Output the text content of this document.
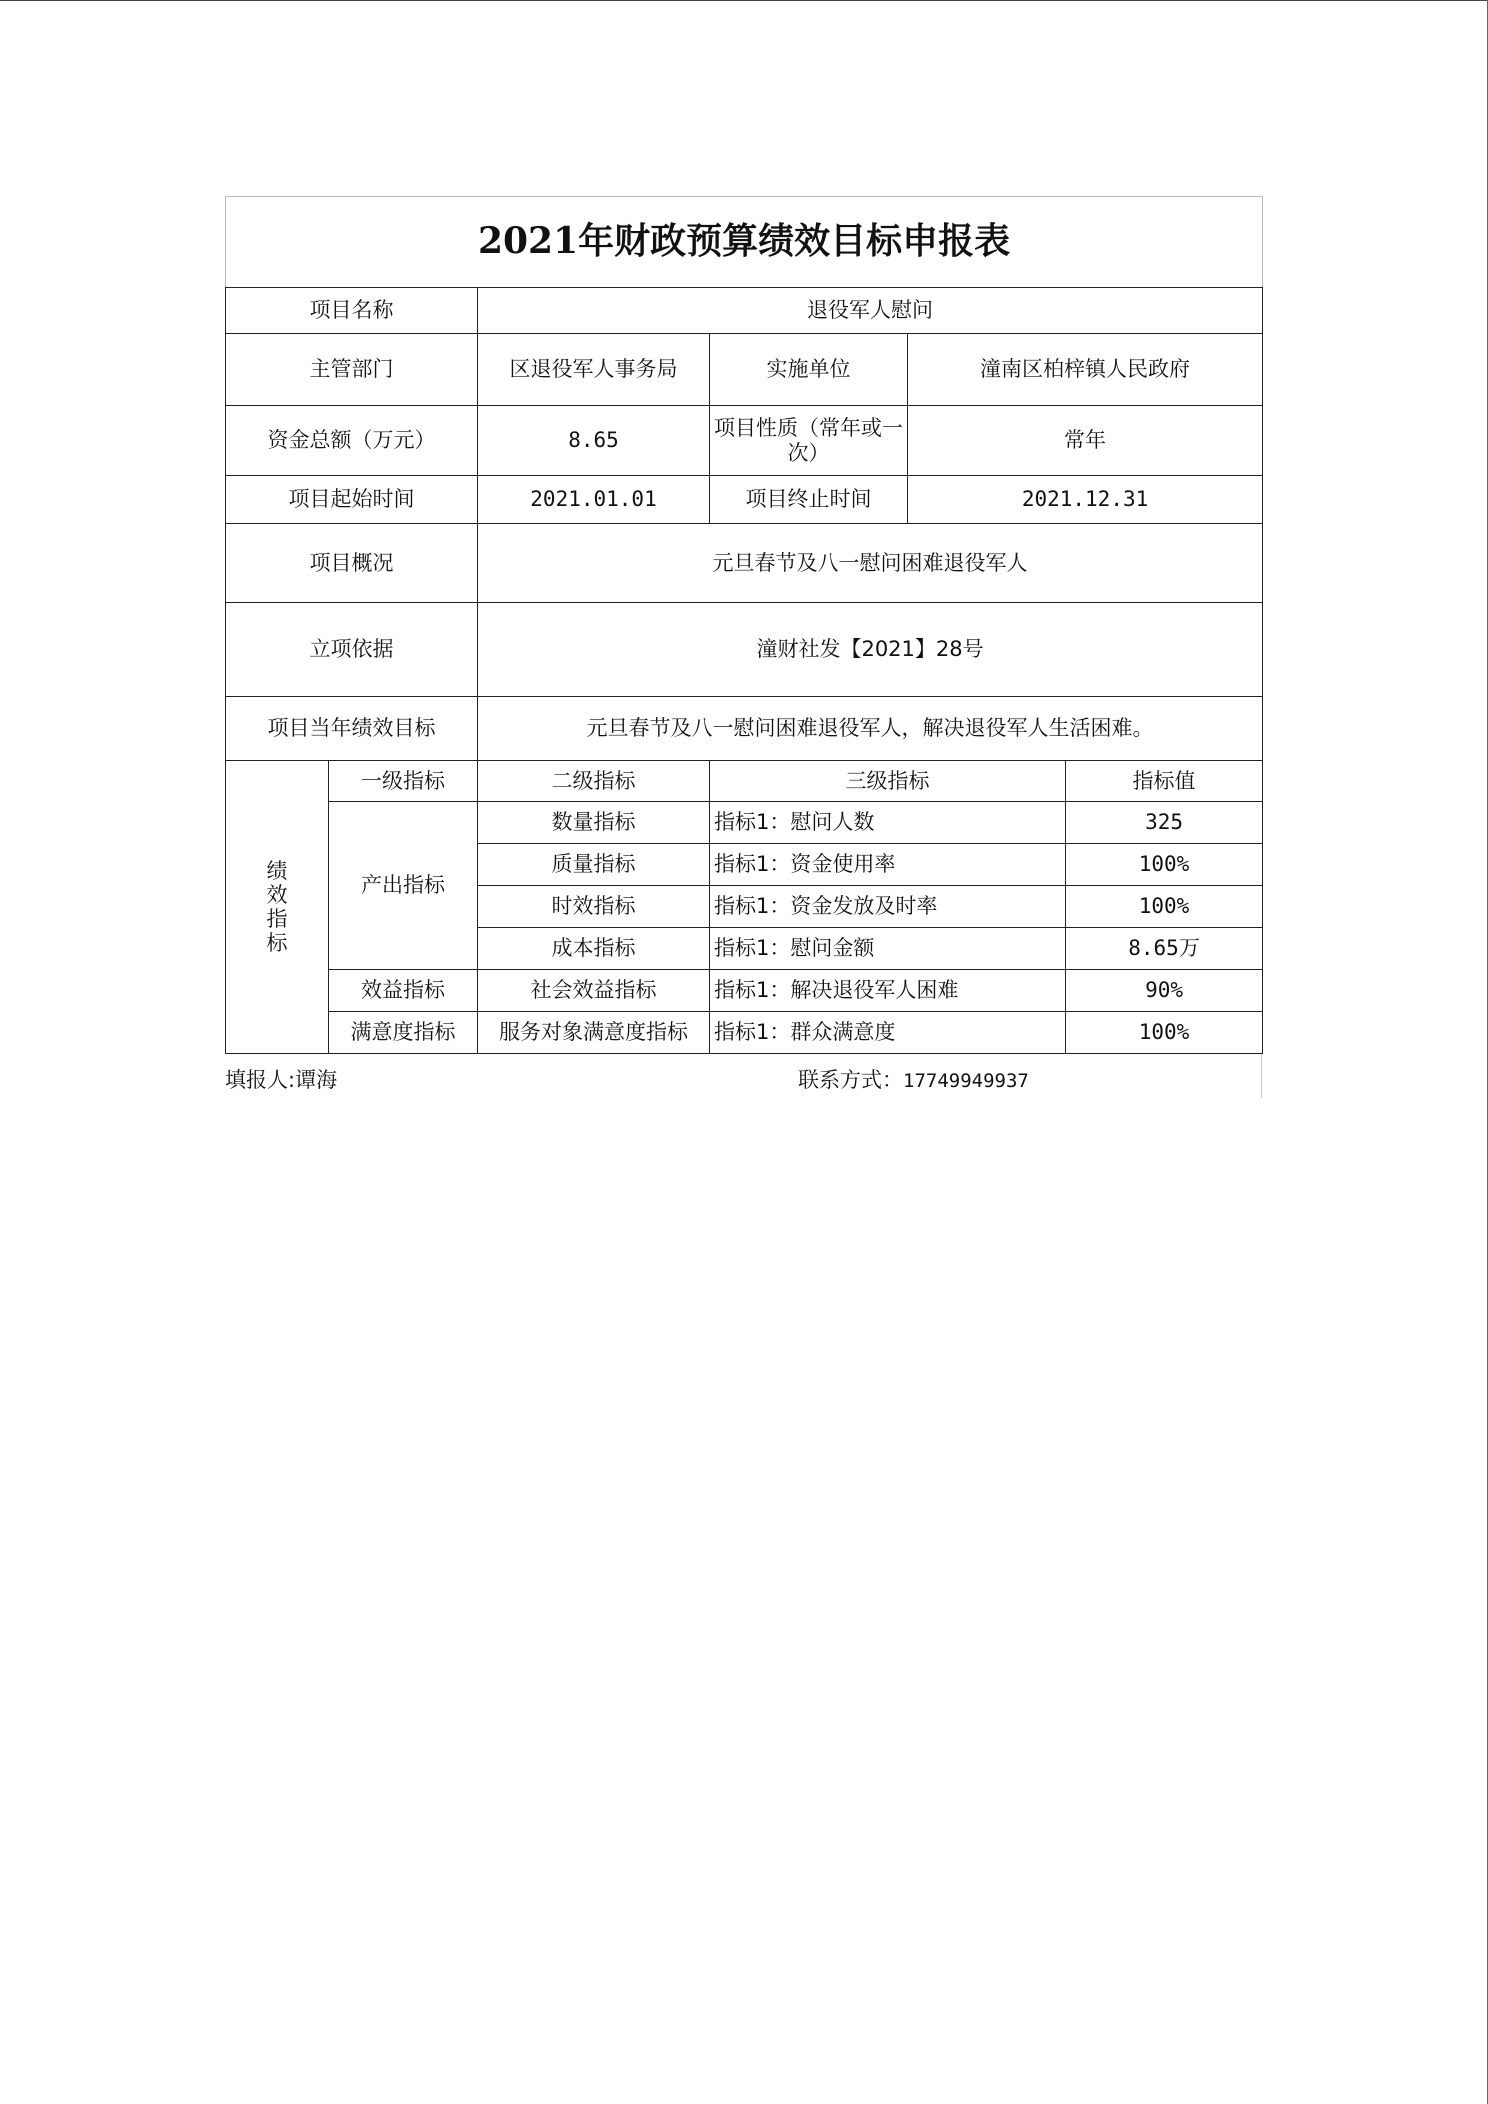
2021年财政预算绩效目标申报表					
项目名称		退役军人慰问			
主管部门		区退役军人事务局	实施单位	潼南区柏梓镇人民政府	
资金总额（万元）		8.65	项目性质（常年或一次）	常年	
项目起始时间		2021.01.01	项目终止时间	2021.12.31	
项目概况		元旦春节及八一慰问困难退役军人			
立项依据		潼财社发【2021】28号			
项目当年绩效目标		元旦春节及八一慰问困难退役军人，解决退役军人生活困难。			
绩
效
指
标	一级指标	二级指标	三级指标		指标值
	产出指标	数量指标	指标1：慰问人数		325
		质量指标	指标1：资金使用率		100%
		时效指标	指标1：资金发放及时率		100%
		成本指标	指标1：慰问金额		8.65万
	效益指标	社会效益指标	指标1：解决退役军人困难		90%
	满意度指标	服务对象满意度指标	指标1：群众满意度		100%
填报人:谭海	联系方式：17749949937
